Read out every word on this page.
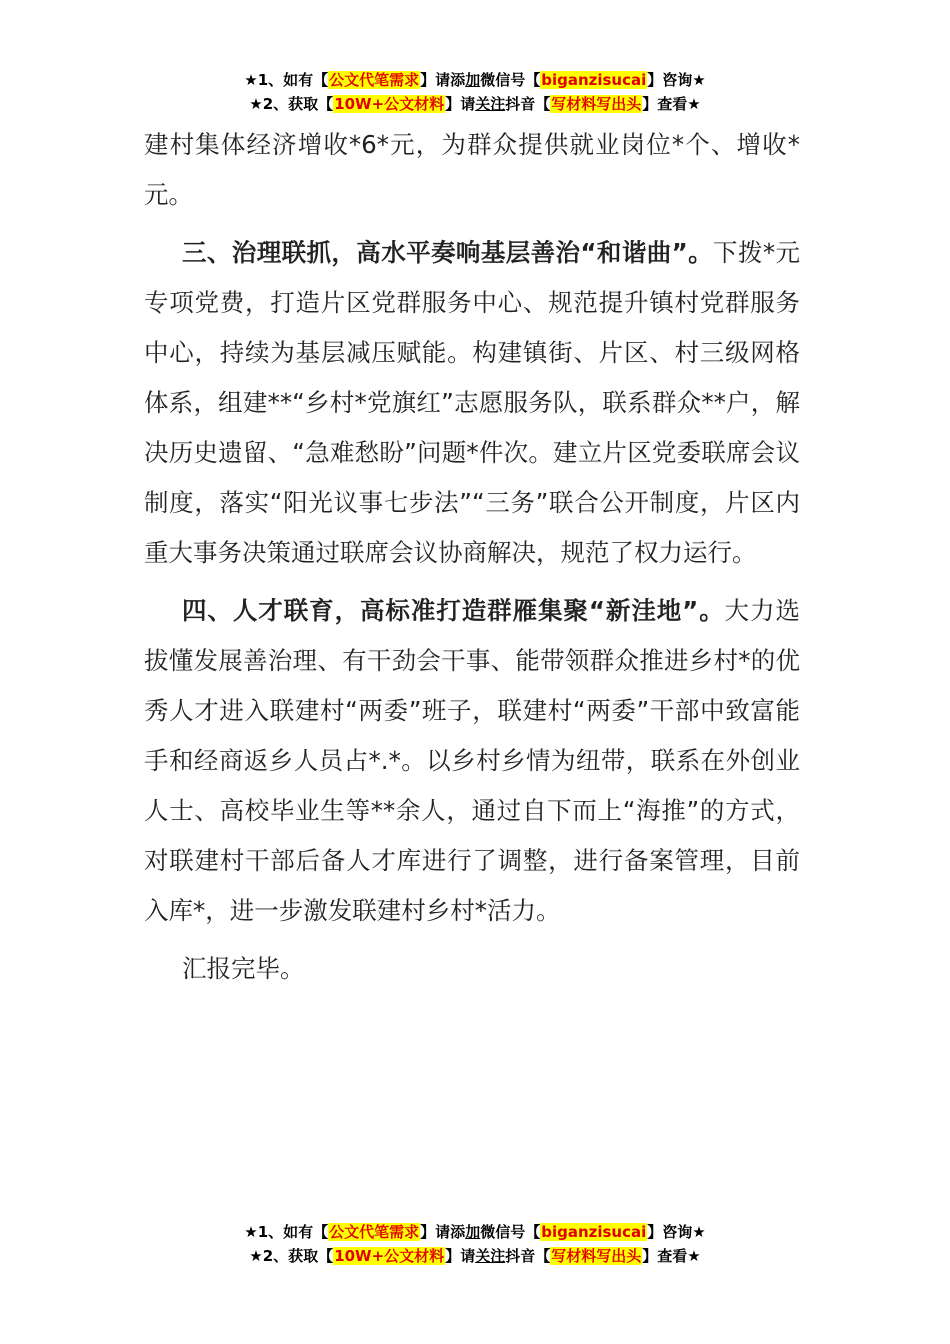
★1、如有【公文代笔需求】请添加微信号【biganzisucai】咨询★
★2、获取【10W+公文材料】请关注抖音【写材料写出头】查看★

建村集体经济增收*6*元，为群众提供就业岗位*个、增收*元。

三、治理联抓，高水平奏响基层善治“和谐曲”。下拨*元专项党费，打造片区党群服务中心、规范提升镇村党群服务中心，持续为基层减压赋能。构建镇街、片区、村三级网格体系，组建**“乡村*党旗红”志愿服务队，联系群众**户，解决历史遗留、“急难愁盼”问题*件次。建立片区党委联席会议制度，落实“阳光议事七步法”“三务”联合公开制度，片区内重大事务决策通过联席会议协商解决，规范了权力运行。

四、人才联育，高标准打造群雁集聚“新洼地”。大力选拔懂发展善治理、有干劲会干事、能带领群众推进乡村*的优秀人才进入联建村“两委”班子，联建村“两委”干部中致富能手和经商返乡人员占*.*。以乡村乡情为纽带，联系在外创业人士、高校毕业生等**余人，通过自下而上“海推”的方式，对联建村干部后备人才库进行了调整，进行备案管理，目前入库*，进一步激发联建村乡村*活力。

汇报完毕。

★1、如有【公文代笔需求】请添加微信号【biganzisucai】咨询★
★2、获取【10W+公文材料】请关注抖音【写材料写出头】查看★
